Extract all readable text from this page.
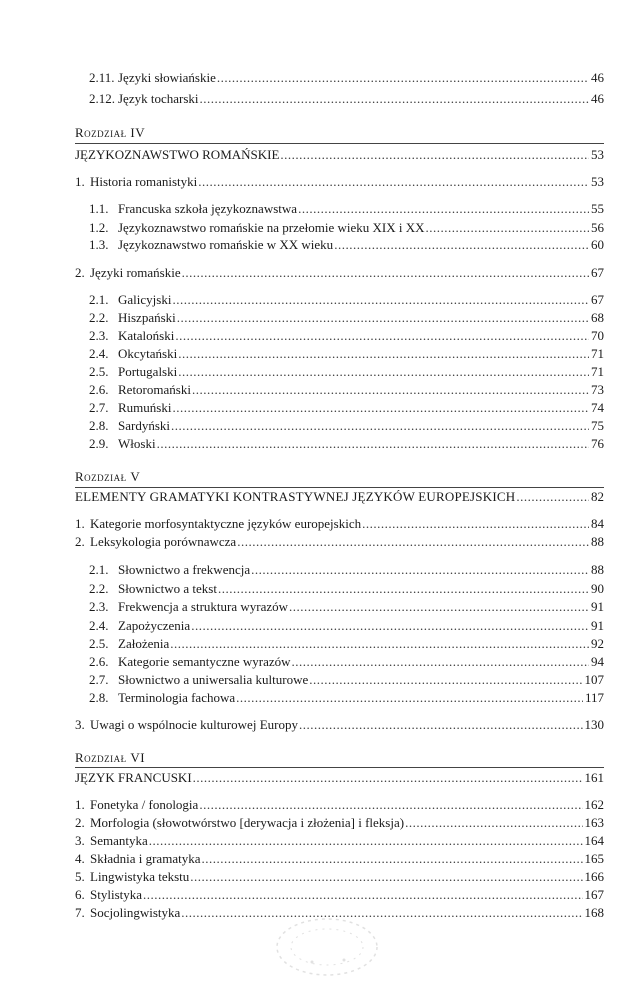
2.11. Języki słowiańskie .....	46
2.12. Język tocharski .....	46
Rozdział IV
JĘZYKOZNAWSTWO ROMAŃSKIE .....	53
1. Historia romanistyki .....	53
1.1. Francuska szkoła językoznawstwa .....	55
1.2. Językoznawstwo romańskie na przełomie wieku XIX i XX .....	56
1.3. Językoznawstwo romańskie w XX wieku .....	60
2. Języki romańskie .....	67
2.1. Galicyjski .....	67
2.2. Hiszpański .....	68
2.3. Kataloński .....	70
2.4. Okcytański .....	71
2.5. Portugalski .....	71
2.6. Retoromański .....	73
2.7. Rumuński .....	74
2.8. Sardyński .....	75
2.9. Włoski .....	76
Rozdział V
ELEMENTY GRAMATYKI KONTRASTYWNEJ JĘZYKÓW EUROPEJSKICH .....	82
1. Kategorie morfosyntaktyczne języków europejskich .....	84
2. Leksykologia porównawcza .....	88
2.1. Słownictwo a frekwencja .....	88
2.2. Słownictwo a tekst .....	90
2.3. Frekwencja a struktura wyrazów .....	91
2.4. Zapożyczenia .....	91
2.5. Założenia .....	92
2.6. Kategorie semantyczne wyrazów .....	94
2.7. Słownictwo a uniwersalia kulturowe .....	107
2.8. Terminologia fachowa .....	117
3. Uwagi o wspólnocie kulturowej Europy .....	130
Rozdział VI
JĘZYK FRANCUSKI .....	161
1. Fonetyka / fonologia .....	162
2. Morfologia (słowotwórstwo [derywacja i złożenia] i fleksja) .....	163
3. Semantyka .....	164
4. Składnia i gramatyka .....	165
5. Lingwistyka tekstu .....	166
6. Stylistyka .....	167
7. Socjolingwistyka .....	168
